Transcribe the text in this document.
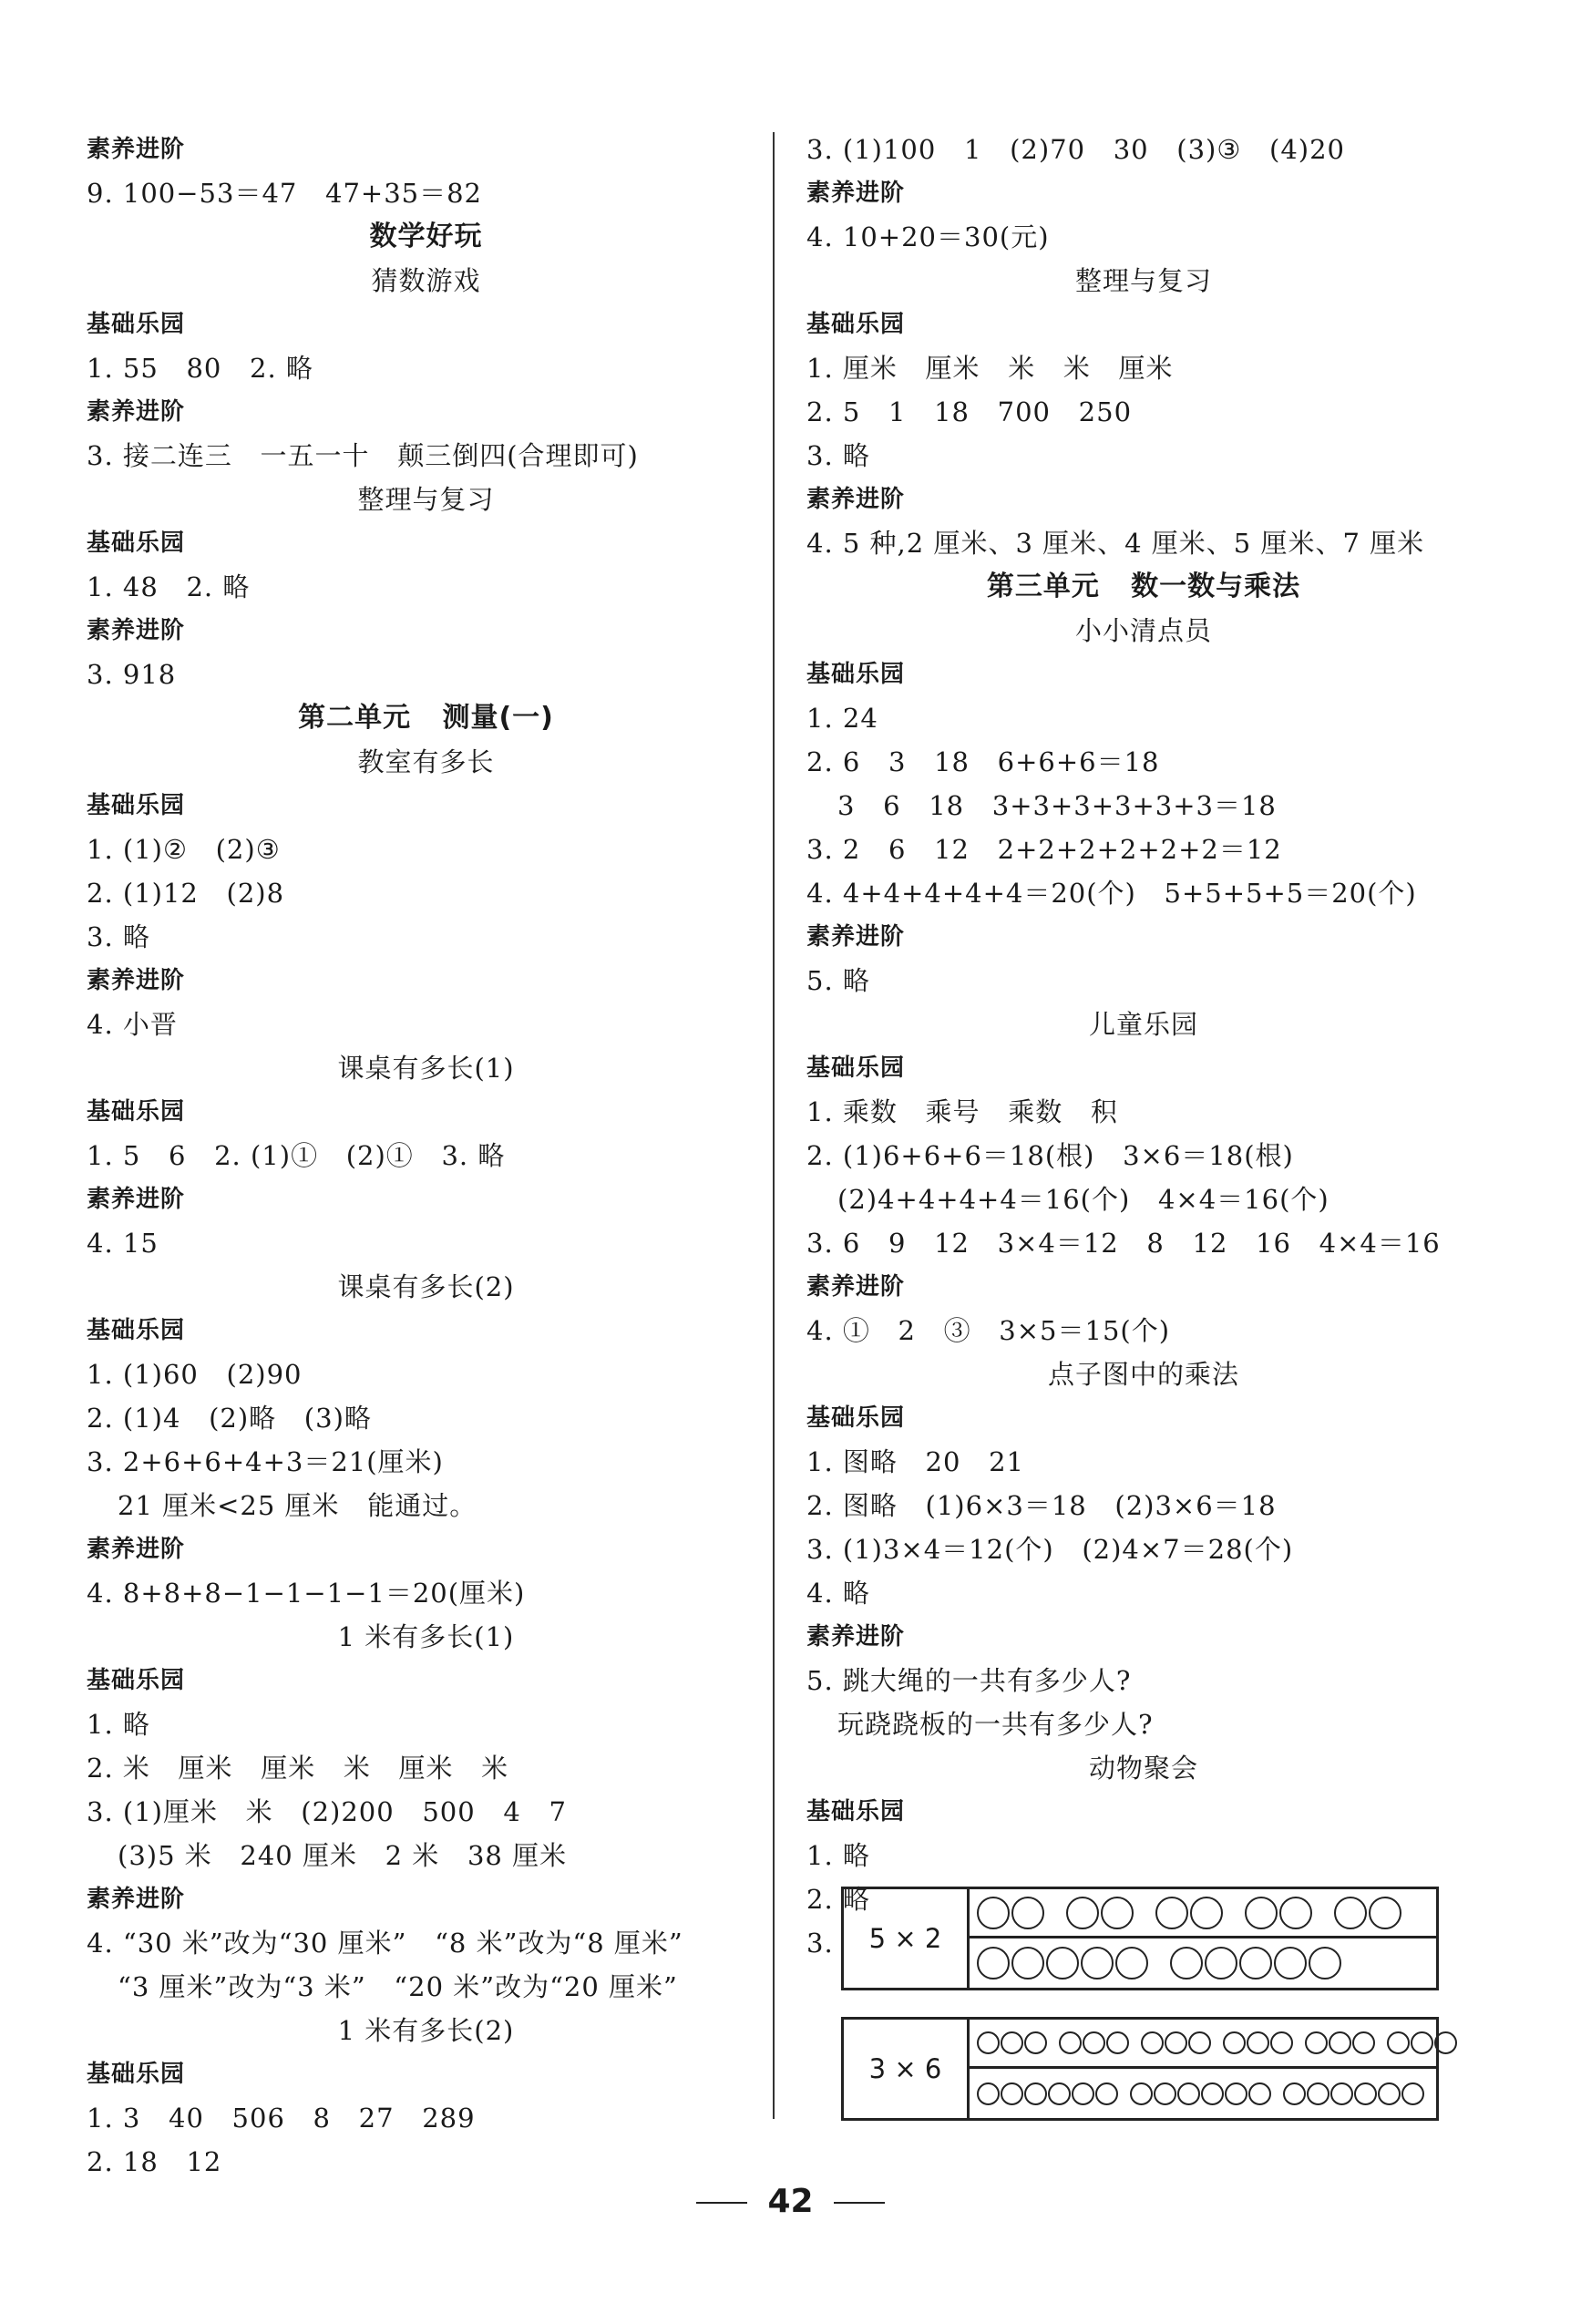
素养进阶
9. 100−53＝47   47+35＝82
数学好玩
猜数游戏
基础乐园
1. 55   80   2. 略
素养进阶
3. 接二连三   一五一十   颠三倒四(合理即可)
整理与复习
基础乐园
1. 48   2. 略
素养进阶
3. 918
第二单元   测量(一)
教室有多长
基础乐园
1. (1)②   (2)③
2. (1)12   (2)8
3. 略
素养进阶
4. 小晋
课桌有多长(1)
基础乐园
1. 5   6   2. (1)①   (2)①   3. 略
素养进阶
4. 15
课桌有多长(2)
基础乐园
1. (1)60   (2)90
2. (1)4   (2)略   (3)略
3. 2+6+6+4+3＝21(厘米)
21 厘米<25 厘米   能通过。
素养进阶
4. 8+8+8−1−1−1−1＝20(厘米)
1 米有多长(1)
基础乐园
1. 略
2. 米   厘米   厘米   米   厘米   米
3. (1)厘米   米   (2)200   500   4   7
(3)5 米   240 厘米   2 米   38 厘米
素养进阶
4. “30 米”改为“30 厘米”   “8 米”改为“8 厘米”
“3 厘米”改为“3 米”   “20 米”改为“20 厘米”
1 米有多长(2)
基础乐园
1. 3   40   506   8   27   289
2. 18   12
3. (1)100   1   (2)70   30   (3)③   (4)20
素养进阶
4. 10+20＝30(元)
整理与复习
基础乐园
1. 厘米   厘米   米   米   厘米
2. 5   1   18   700   250
3. 略
素养进阶
4. 5 种,2 厘米、3 厘米、4 厘米、5 厘米、7 厘米
第三单元   数一数与乘法
小小清点员
基础乐园
1. 24
2. 6   3   18   6+6+6＝18
3   6   18   3+3+3+3+3+3＝18
3. 2   6   12   2+2+2+2+2+2＝12
4. 4+4+4+4+4＝20(个)   5+5+5+5＝20(个)
素养进阶
5. 略
儿童乐园
基础乐园
1. 乘数   乘号   乘数   积
2. (1)6+6+6＝18(根)   3×6＝18(根)
(2)4+4+4+4＝16(个)   4×4＝16(个)
3. 6   9   12   3×4＝12   8   12   16   4×4＝16
素养进阶
4. ①   2   ③   3×5＝15(个)
点子图中的乘法
基础乐园
1. 图略   20   21
2. 图略   (1)6×3＝18   (2)3×6＝18
3. (1)3×4＝12(个)   (2)4×7＝28(个)
4. 略
素养进阶
5. 跳大绳的一共有多少人?
玩跷跷板的一共有多少人?
动物聚会
基础乐园
1. 略
2. 略
3.	5 × 2
3 × 6
42
